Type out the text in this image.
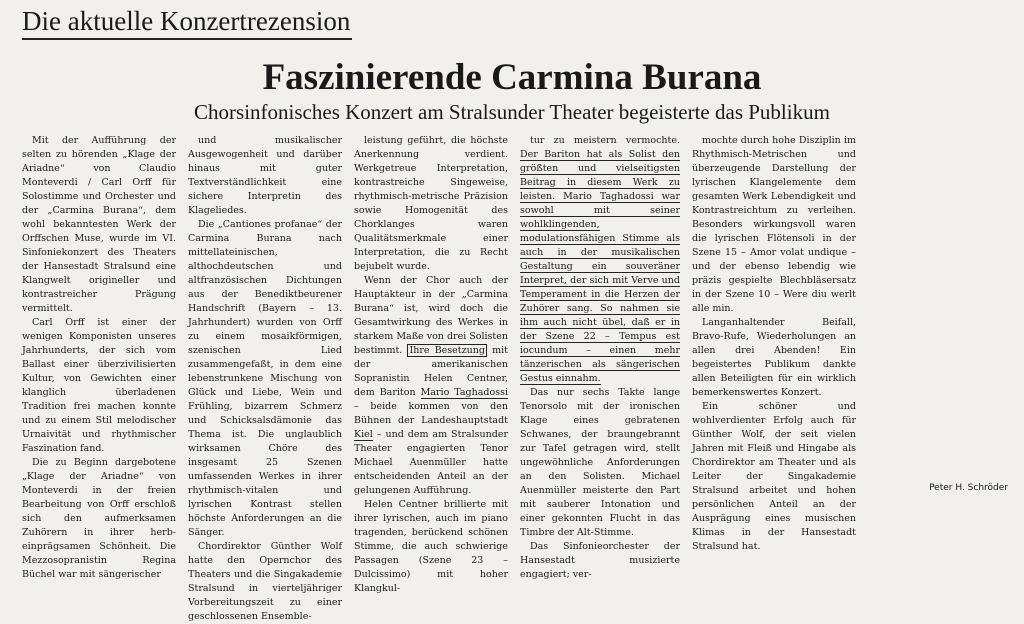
Die aktuelle Konzertrezension
Faszinierende Carmina Burana
Chorsinfonisches Konzert am Stralsunder Theater begeisterte das Publikum

Mit der Aufführung der selten zu hörenden „Klage der Ariadne“ von Claudio Monteverdi / Carl Orff für Solostimme und Orchester und der „Carmina Burana“, dem wohl bekanntesten Werk der Orffschen Muse, wurde im VI. Sinfoniekonzert des Theaters der Hansestadt Stralsund eine Klangwelt origineller und kontrastreicher Prägung vermittelt.

Carl Orff ist einer der wenigen Komponisten unseres Jahrhunderts, der sich vom Ballast einer überzivilisierten Kultur, von Gewichten einer klanglich überladenen Tradition frei machen konnte und zu einem Stil melodischer Urnaivität und rhythmischer Faszination fand.

Die zu Beginn dargebotene „Klage der Ariadne“ von Monteverdi in der freien Bearbeitung von Orff erschloß sich den aufmerksamen Zuhörern in ihrer herb-einprägsamen Schönheit. Die Mezzosopranistin Regina Büchel war mit sängerischer

und musikalischer Ausgewogenheit und darüber hinaus mit guter Textverständlichkeit eine sichere Interpretin des Klageliedes.

Die „Cantiones profanae“ der Carmina Burana nach mittellateinischen, althochdeutschen und altfranzösischen Dichtungen aus der Benediktbeurener Handschrift (Bayern – 13. Jahrhundert) wurden von Orff zu einem mosaikförmigen, szenischen Lied zusammengefaßt, in dem eine lebenstrunkene Mischung von Glück und Liebe, Wein und Frühling, bizarrem Schmerz und Schicksalsdämonie das Thema ist. Die unglaublich wirksamen Chöre des insgesamt 25 Szenen umfassenden Werkes in ihrer rhythmisch-vitalen und lyrischen Kontrast stellen höchste Anforderungen an die Sänger.

Chordirektor Günther Wolf hatte den Opernchor des Theaters und die Singakademie Stralsund in vierteljähriger Vorbereitungszeit zu einer geschlossenen Ensemble-

leistung geführt, die höchste Anerkennung verdient. Werkgetreue Interpretation, kontrastreiche Singeweise, rhythmisch-metrische Präzision sowie Homogenität des Chorklanges waren Qualitätsmerkmale einer Interpretation, die zu Recht bejubelt wurde.

Wenn der Chor auch der Hauptakteur in der „Carmina Burana“ ist, wird doch die Gesamtwirkung des Werkes in starkem Maße von drei Solisten bestimmt. Ihre Besetzung mit der amerikanischen Sopranistin Helen Centner, dem Bariton Mario Taghadossi – beide kommen von den Bühnen der Landeshauptstadt Kiel – und dem am Stralsunder Theater engagierten Tenor Michael Auenmüller hatte entscheidenden Anteil an der gelungenen Aufführung.

Helen Centner brillierte mit ihrer lyrischen, auch im piano tragenden, berückend schönen Stimme, die auch schwierige Passagen (Szene 23 – Dulcissimo) mit hoher Klangkul-

tur zu meistern vermochte. Der Bariton hat als Solist den größten und vielseitigsten Beitrag in diesem Werk zu leisten. Mario Taghadossi war sowohl mit seiner wohlklingenden, modulationsfähigen Stimme als auch in der musikalischen Gestaltung ein souveräner Interpret, der sich mit Verve und Temperament in die Herzen der Zuhörer sang. So nahmen sie ihm auch nicht übel, daß er in der Szene 22 – Tempus est iocundum – einen mehr tänzerischen als sängerischen Gestus einnahm.

Das nur sechs Takte lange Tenorsolo mit der ironischen Klage eines gebratenen Schwanes, der braungebrannt zur Tafel getragen wird, stellt ungewöhnliche Anforderungen an den Solisten. Michael Auenmüller meisterte den Part mit sauberer Intonation und einer gekonnten Flucht in das Timbre der Alt-Stimme.

Das Sinfonieorchester der Hansestadt musizierte engagiert; ver-

mochte durch hohe Disziplin im Rhythmisch-Metrischen und überzeugende Darstellung der lyrischen Klangelemente dem gesamten Werk Lebendigkeit und Kontrastreichtum zu verleihen. Besonders wirkungsvoll waren die lyrischen Flötensoli in der Szene 15 – Amor volat undique – und der ebenso lebendig wie präzis gespielte Blechbläsersatz in der Szene 10 – Were diu werlt alle min.

Langanhaltender Beifall, Bravo-Rufe, Wiederholungen an allen drei Abenden! Ein begeistertes Publikum dankte allen Beteiligten für ein wirklich bemerkenswertes Konzert.

Ein schöner und wohlverdienter Erfolg auch für Günther Wolf, der seit vielen Jahren mit Fleiß und Hingabe als Chordirektor am Theater und als Leiter der Singakademie Stralsund arbeitet und hohen persönlichen Anteil an der Ausprägung eines musischen Klimas in der Hansestadt Stralsund hat.

Peter H. Schröder
